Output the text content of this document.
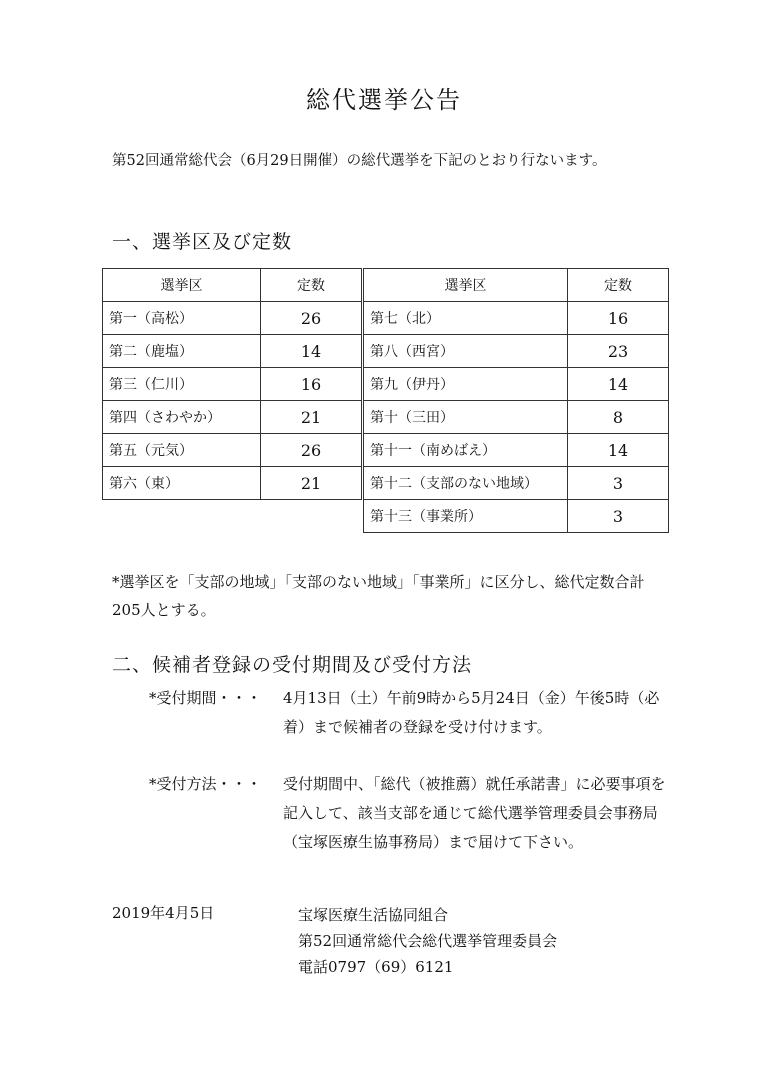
総代選挙公告
第52回通常総代会（6月29日開催）の総代選挙を下記のとおり行ないます。
一、選挙区及び定数
選挙区	定数		選挙区	定数
第一（高松）	26		第七（北）	16
第二（鹿塩）	14		第八（西宮）	23
第三（仁川）	16		第九（伊丹）	14
第四（さわやか）	21		第十（三田）	8
第五（元気）	26		第十一（南めばえ）	14
第六（東）	21		第十二（支部のない地域）	3
			第十三（事業所）	3
*選挙区を「支部の地域」「支部のない地域」「事業所」に区分し、総代定数合計 205人とする。
二、候補者登録の受付期間及び受付方法
*受付期間・・・ 4月13日（土）午前9時から5月24日（金）午後5時（必着）まで候補者の登録を受け付けます。
*受付方法・・・ 受付期間中、「総代（被推薦）就任承諾書」に必要事項を記入して、該当支部を通じて総代選挙管理委員会事務局（宝塚医療生協事務局）まで届けて下さい。
2019年4月5日	宝塚医療生活協同組合
第52回通常総代会総代選挙管理委員会
電話0797（69）6121
